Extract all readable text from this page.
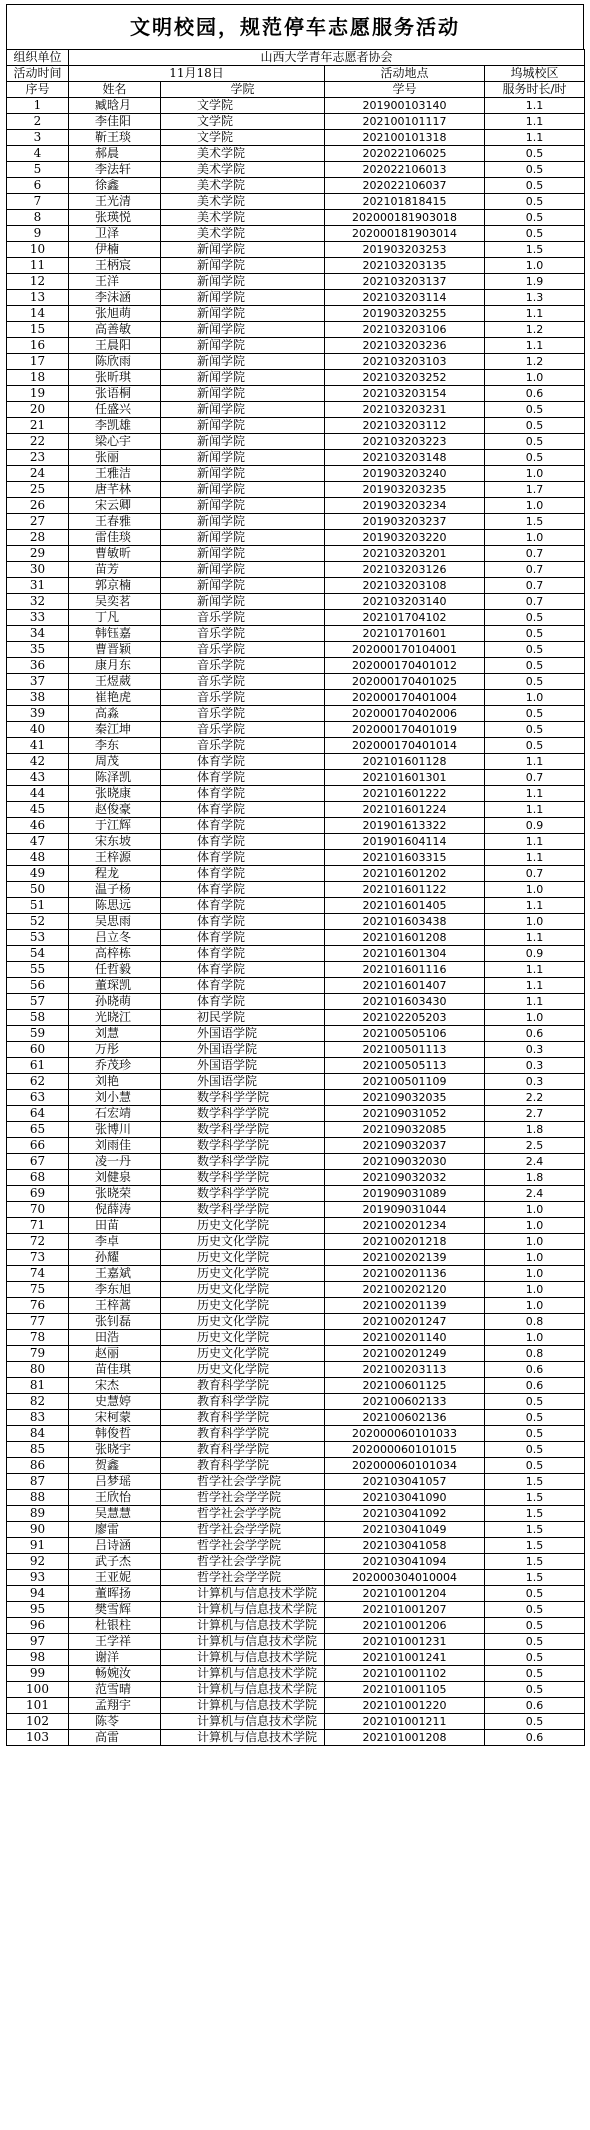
文明校园，规范停车志愿服务活动
组织单位	山西大学青年志愿者协会			
活动时间	11月18日		活动地点	坞城校区
序号	姓名	学院	学号	服务时长/时
1	臧晗月	文学院	201900103140	1.1
2	李佳阳	文学院	202100101117	1.1
3	靳王琰	文学院	202100101318	1.1
4	郝晨	美术学院	202022106025	0.5
5	李法轩	美术学院	202022106013	0.5
6	徐鑫	美术学院	202022106037	0.5
7	王光清	美术学院	202101818415	0.5
8	张瑛悦	美术学院	202000181903018	0.5
9	卫泽	美术学院	202000181903014	0.5
10	伊楠	新闻学院	201903203253	1.5
11	王柄宸	新闻学院	202103203135	1.0
12	王洋	新闻学院	202103203137	1.9
13	李沫涵	新闻学院	202103203114	1.3
14	张旭萌	新闻学院	201903203255	1.1
15	高善敏	新闻学院	202103203106	1.2
16	王晨阳	新闻学院	202103203236	1.1
17	陈欣雨	新闻学院	202103203103	1.2
18	张昕琪	新闻学院	202103203252	1.0
19	张语桐	新闻学院	202103203154	0.6
20	任盛兴	新闻学院	202103203231	0.5
21	李凯雄	新闻学院	202103203112	0.5
22	梁心宇	新闻学院	202103203223	0.5
23	张丽	新闻学院	202103203148	0.5
24	王雅洁	新闻学院	201903203240	1.0
25	唐芊林	新闻学院	201903203235	1.7
26	宋云卿	新闻学院	201903203234	1.0
27	王春雅	新闻学院	201903203237	1.5
28	雷佳琰	新闻学院	201903203220	1.0
29	曹敏昕	新闻学院	202103203201	0.7
30	苗芳	新闻学院	202103203126	0.7
31	郭京楠	新闻学院	202103203108	0.7
32	吴奕茗	新闻学院	202103203140	0.7
33	丁凡	音乐学院	202101704102	0.5
34	韩钰嘉	音乐学院	202101701601	0.5
35	曹晋颖	音乐学院	202000170104001	0.5
36	康月东	音乐学院	202000170401012	0.5
37	王煜葳	音乐学院	202000170401025	0.5
38	崔艳虎	音乐学院	202000170401004	1.0
39	高淼	音乐学院	202000170402006	0.5
40	秦江坤	音乐学院	202000170401019	0.5
41	李东	音乐学院	202000170401014	0.5
42	周茂	体育学院	202101601128	1.1
43	陈泽凯	体育学院	202101601301	0.7
44	张晓康	体育学院	202101601222	1.1
45	赵俊豪	体育学院	202101601224	1.1
46	于江辉	体育学院	201901613322	0.9
47	宋东坡	体育学院	201901604114	1.1
48	王梓源	体育学院	202101603315	1.1
49	程龙	体育学院	202101601202	0.7
50	温子杨	体育学院	202101601122	1.0
51	陈思远	体育学院	202101601405	1.1
52	吴思雨	体育学院	202101603438	1.0
53	吕立冬	体育学院	202101601208	1.1
54	高梓栋	体育学院	202101601304	0.9
55	任哲毅	体育学院	202101601116	1.1
56	董琛凯	体育学院	202101601407	1.1
57	孙晓萌	体育学院	202101603430	1.1
58	光晓江	初民学院	202102205203	1.0
59	刘慧	外国语学院	202100505106	0.6
60	万彤	外国语学院	202100501113	0.3
61	乔茂珍	外国语学院	202100505113	0.3
62	刘艳	外国语学院	202100501109	0.3
63	刘小慧	数学科学学院	202109032035	2.2
64	石宏靖	数学科学学院	202109031052	2.7
65	张博川	数学科学学院	202109032085	1.8
66	刘雨佳	数学科学学院	202109032037	2.5
67	凌一丹	数学科学学院	202109032030	2.4
68	刘健泉	数学科学学院	202109032032	1.8
69	张晓荣	数学科学学院	201909031089	2.4
70	倪薛涛	数学科学学院	201909031044	1.0
71	田苗	历史文化学院	202100201234	1.0
72	李卓	历史文化学院	202100201218	1.0
73	孙耀	历史文化学院	202100202139	1.0
74	王嘉斌	历史文化学院	202100201136	1.0
75	李东旭	历史文化学院	202100202120	1.0
76	王梓蒿	历史文化学院	202100201139	1.0
77	张钊磊	历史文化学院	202100201247	0.8
78	田浩	历史文化学院	202100201140	1.0
79	赵丽	历史文化学院	202100201249	0.8
80	苗佳琪	历史文化学院	202100203113	0.6
81	宋杰	教育科学学院	202100601125	0.6
82	史慧婷	教育科学学院	202100602133	0.5
83	宋柯蒙	教育科学学院	202100602136	0.5
84	韩俊哲	教育科学学院	202000060101033	0.5
85	张晓宇	教育科学学院	202000060101015	0.5
86	贺鑫	教育科学学院	202000060101034	0.5
87	吕梦瑶	哲学社会学学院	202103041057	1.5
88	王欣怡	哲学社会学学院	202103041090	1.5
89	吴慧慧	哲学社会学学院	202103041092	1.5
90	廖雷	哲学社会学学院	202103041049	1.5
91	吕诗涵	哲学社会学学院	202103041058	1.5
92	武子杰	哲学社会学学院	202103041094	1.5
93	王亚妮	哲学社会学学院	202000304010004	1.5
94	董晖扬	计算机与信息技术学院	202101001204	0.5
95	樊雪辉	计算机与信息技术学院	202101001207	0.5
96	杜银柱	计算机与信息技术学院	202101001206	0.5
97	王学祥	计算机与信息技术学院	202101001231	0.5
98	谢洋	计算机与信息技术学院	202101001241	0.5
99	畅婉汝	计算机与信息技术学院	202101001102	0.5
100	范雪晴	计算机与信息技术学院	202101001105	0.5
101	孟翔宇	计算机与信息技术学院	202101001220	0.6
102	陈苓	计算机与信息技术学院	202101001211	0.5
103	高雷	计算机与信息技术学院	202101001208	0.6
